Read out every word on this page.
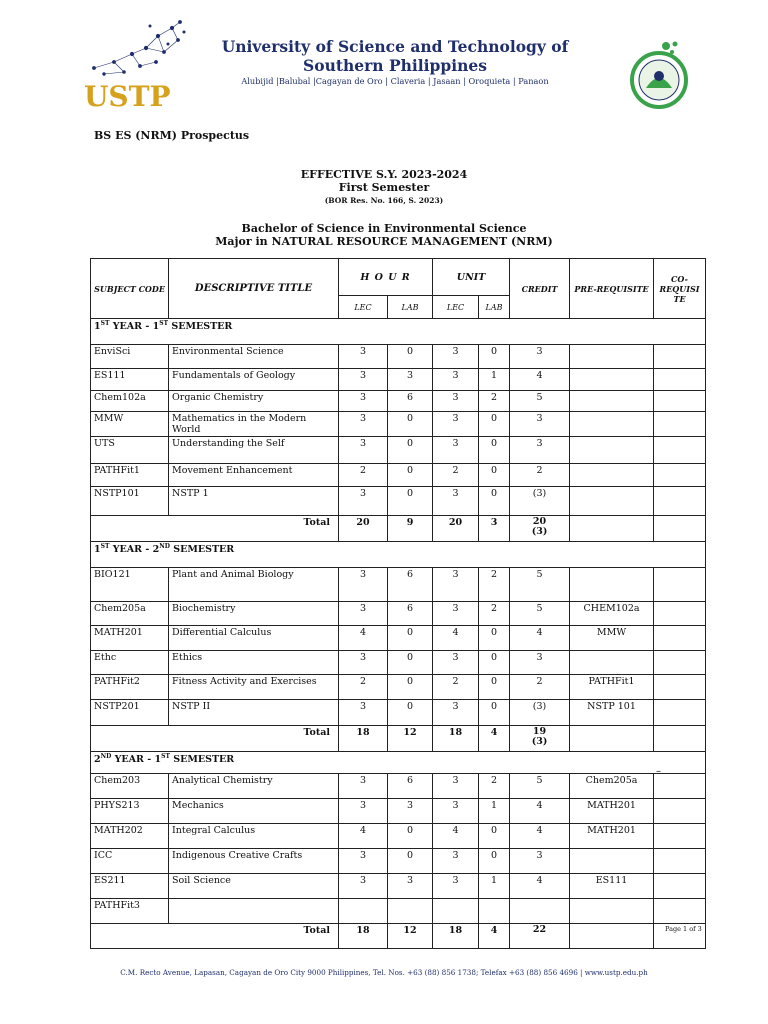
USTP
University of Science and Technology of
Southern Philippines
Alubijid |Balubal |Cagayan de Oro | Claveria | Jasaan | Oroquieta | Panaon
BS ES (NRM) Prospectus
EFFECTIVE S.Y. 2023-2024
First Semester
(BOR Res. No. 166, S. 2023)
Bachelor of Science in Environmental Science
Major in NATURAL RESOURCE MANAGEMENT (NRM)
SUBJECT CODE	DESCRIPTIVE TITLE	H O U R		UNIT		CREDIT	PRE-REQUISITE	CO-REQUISI TE
		LEC	LAB	LEC	LAB			
1ST YEAR - 1ST SEMESTER								
EnviSci	Environmental Science	3	0	3	0	3		
ES111	Fundamentals of Geology	3	3	3	1	4		
Chem102a	Organic Chemistry	3	6	3	2	5		
MMW	Mathematics in the Modern World	3	0	3	0	3		
UTS	Understanding the Self	3	0	3	0	3		
PATHFit1	Movement Enhancement	2	0	2	0	2		
NSTP101	NSTP 1	3	0	3	0	(3)		
Total		20	9	20	3	20
(3)		

1ST YEAR - 2ND SEMESTER								
BIO121	Plant and Animal Biology	3	6	3	2	5		
Chem205a	Biochemistry	3	6	3	2	5	CHEM102a	
MATH201	Differential Calculus	4	0	4	0	4	MMW	
Ethc	Ethics	3	0	3	0	3		
PATHFit2	Fitness Activity and Exercises	2	0	2	0	2	PATHFit1	
NSTP201	NSTP II	3	0	3	0	(3)	NSTP 101	
Total		18	12	18	4	19
(3)		

2ND YEAR - 1ST SEMESTER								
Chem203	Analytical Chemistry	3	6	3	2	5	Chem205a	
PHYS213	Mechanics	3	3	3	1	4	MATH201	
MATH202	Integral Calculus	4	0	4	0	4	MATH201	
ICC	Indigenous Creative Crafts	3	0	3	0	3		
ES211	Soil Science	3	3	3	1	4	ES111	
PATHFit3								
Total		18	12	18	4	22		

–
Page 1 of 3
C.M. Recto Avenue, Lapasan, Cagayan de Oro City 9000 Philippines, Tel. Nos. +63 (88) 856 1738; Telefax +63 (88) 856 4696 | www.ustp.edu.ph
